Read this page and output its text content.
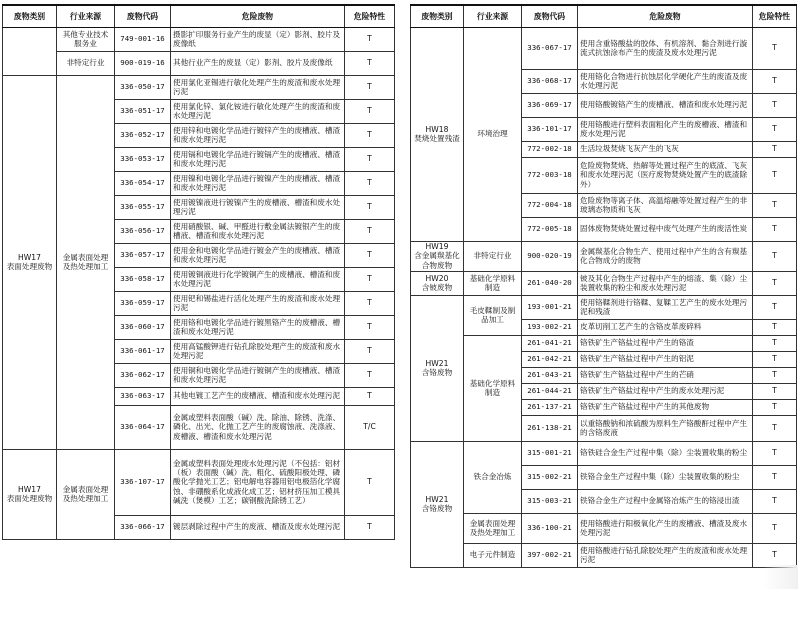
废物类别	行业来源	废物代码	危险废物	危险特性
	其他专业技术服务业	749-001-16	摄影扩印服务行业产生的废显（定）影剂、胶片及废像纸	T
	非特定行业	900-019-16	其他行业产生的废显（定）影剂、胶片及废像纸	T
HW17
表面处理废物	金属表面处理及热处理加工	336-050-17	使用氯化亚锡进行敏化处理产生的废渣和废水处理污泥	T
		336-051-17	使用氯化锌、氯化铵进行敏化处理产生的废渣和废水处理污泥	T
		336-052-17	使用锌和电镀化学品进行镀锌产生的废槽液、槽渣和废水处理污泥	T
		336-053-17	使用镉和电镀化学品进行镀镉产生的废槽液、槽渣和废水处理污泥	T
		336-054-17	使用镍和电镀化学品进行镀镍产生的废槽液、槽渣和废水处理污泥	T
		336-055-17	使用镀镍液进行镀镍产生的废槽液、槽渣和废水处理污泥	T
		336-056-17	使用硝酸银、碱、甲醛进行敷金属法镀银产生的废槽液、槽渣和废水处理污泥	T
		336-057-17	使用金和电镀化学品进行镀金产生的废槽液、槽渣和废水处理污泥	T
		336-058-17	使用镀铜液进行化学镀铜产生的废槽液、槽渣和废水处理污泥	T
		336-059-17	使用钯和锡盐进行活化处理产生的废渣和废水处理污泥	T
		336-060-17	使用铬和电镀化学品进行镀黑铬产生的废槽液、槽渣和废水处理污泥	T
		336-061-17	使用高锰酸钾进行钻孔除胶处理产生的废渣和废水处理污泥	T
		336-062-17	使用铜和电镀化学品进行镀铜产生的废槽液、槽渣和废水处理污泥	T
		336-063-17	其他电镀工艺产生的废槽液、槽渣和废水处理污泥	T
		336-064-17	金属或塑料表面酸（碱）洗、除油、除锈、洗涤、磷化、出光、化抛工艺产生的废腐蚀液、洗涤液、废槽液、槽渣和废水处理污泥	T/C
HW17
表面处理废物	金属表面处理及热处理加工	336-107-17	金属或塑料表面处理废水处理污泥（不包括：铝材（板）表面酸（碱）洗、粗化、硫酸阳极处理、磷酸化学抛光工艺；铝电解电容器用铝电极箔化学腐蚀、非硼酸系化成液化成工艺；铝材挤压加工模具碱洗（煲模）工艺；碳钢酸洗除锈工艺）	T
		336-066-17	镀层剥除过程中产生的废液、槽渣及废水处理污泥	T
废物类别	行业来源	废物代码	危险废物	危险特性
HW18
焚烧处置残渣	环境治理	336-067-17	使用含重铬酸盐的胶体、有机溶剂、黏合剂进行漩流式抗蚀涂布产生的废渣及废水处理污泥	T
		336-068-17	使用铬化合物进行抗蚀层化学硬化产生的废渣及废水处理污泥	T
		336-069-17	使用铬酸镀铬产生的废槽液、槽渣和废水处理污泥	T
		336-101-17	使用铬酸进行塑料表面粗化产生的废槽液、槽渣和废水处理污泥	T
		772-002-18	生活垃圾焚烧飞灰产生的飞灰	T
		772-003-18	危险废物焚烧、热解等处置过程产生的底渣、飞灰和废水处理污泥（医疗废物焚烧处置产生的底渣除外）	T
		772-004-18	危险废物等离子体、高温熔融等处置过程产生的非玻璃态物质和飞灰	T
		772-005-18	固体废物焚烧处置过程中废气处理产生的废活性炭	T
HW19
含金属羰基化合物废物	非特定行业	900-020-19	金属羰基化合物生产、使用过程中产生的含有羰基化合物成分的废物	T
HW20
含铍废物	基础化学原料制造	261-040-20	铍及其化合物生产过程中产生的熔渣、集（除）尘装置收集的粉尘和废水处理污泥	T
HW21
含铬废物	毛皮鞣制及制品加工	193-001-21	使用铬鞣剂进行铬鞣、复鞣工艺产生的废水处理污泥和残渣	T
		193-002-21	皮革切削工艺产生的含铬皮革废碎料	T
	基础化学原料制造	261-041-21	铬铁矿生产铬盐过程中产生的铬渣	T
		261-042-21	铬铁矿生产铬盐过程中产生的铝泥	T
		261-043-21	铬铁矿生产铬盐过程中产生的芒硝	T
		261-044-21	铬铁矿生产铬盐过程中产生的废水处理污泥	T
		261-137-21	铬铁矿生产铬盐过程中产生的其他废物	T
		261-138-21	以重铬酸钠和浓硫酸为原料生产铬酸酐过程中产生的含铬废液	T
HW21
含铬废物	铁合金冶炼	315-001-21	铬铁硅合金生产过程中集（除）尘装置收集的粉尘	T
		315-002-21	铁铬合金生产过程中集（除）尘装置收集的粉尘	T
		315-003-21	铁铬合金生产过程中金属铬冶炼产生的铬浸出渣	T
	金属表面处理及热处理加工	336-100-21	使用铬酸进行阳极氧化产生的废槽液、槽渣及废水处理污泥	T
	电子元件制造	397-002-21	使用铬酸进行钻孔除胶处理产生的废渣和废水处理污泥	T
